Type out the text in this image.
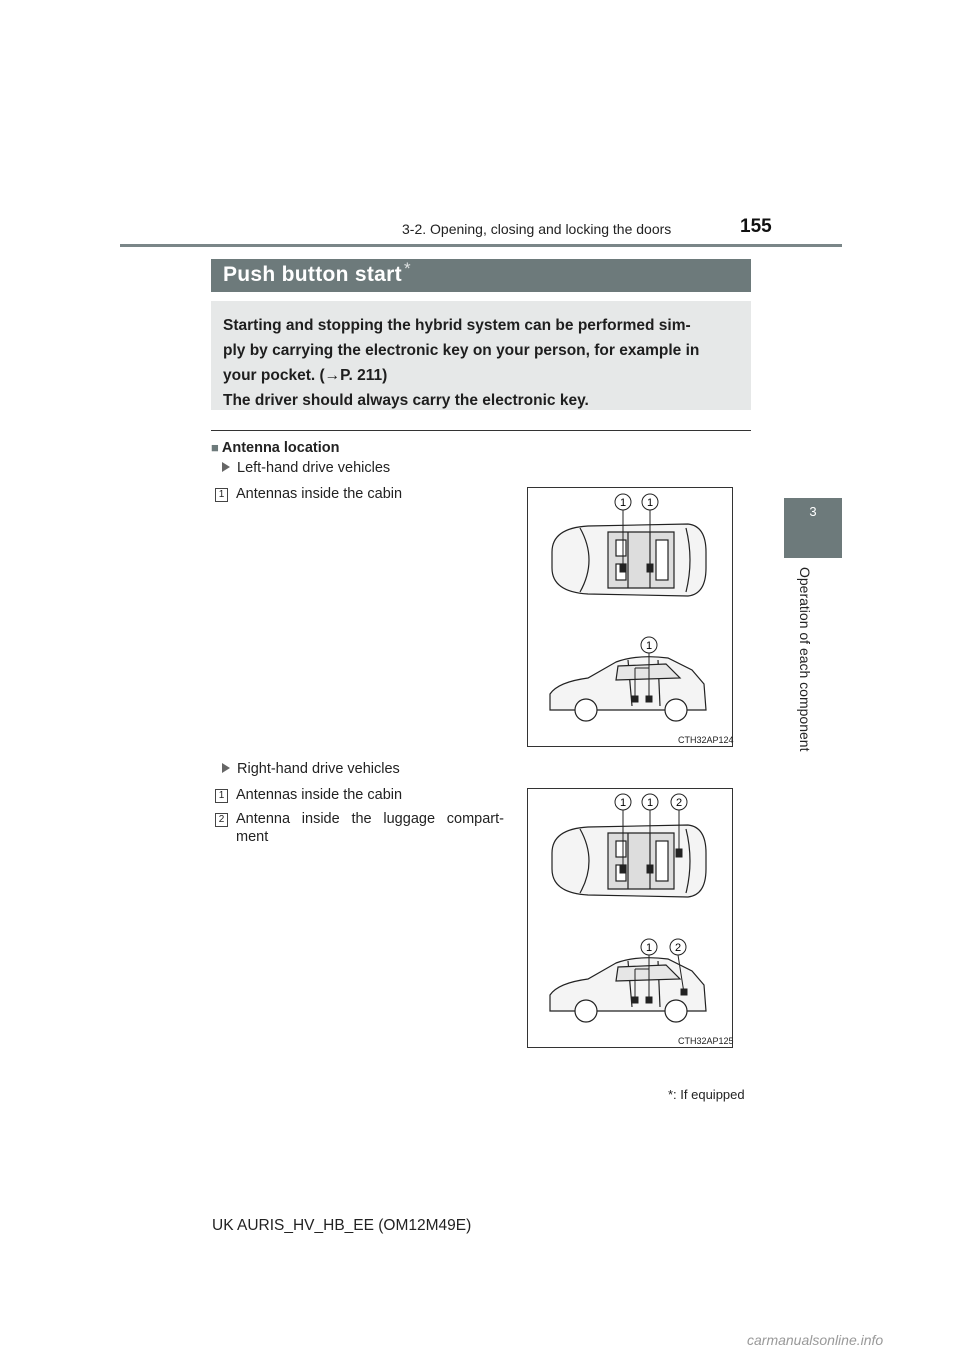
3-2. Opening, closing and locking the doors	155
3
Operation of each component
Push button start *

Starting and stopping the hybrid system can be performed sim-

ply by carrying the electronic key on your person, for example in

your pocket. (→P. 211)

The driver should always carry the electronic key.

■ Antenna location
Left-hand drive vehicles
1 Antennas inside the cabin
1 1
1
CTH32AP124
Right-hand drive vehicles
1 Antennas inside the cabin
2 Antenna inside the luggage compart-ment
1 1 2
1 2
CTH32AP125
*: If equipped
UK AURIS_HV_HB_EE (OM12M49E)
carmanualsonline.info
